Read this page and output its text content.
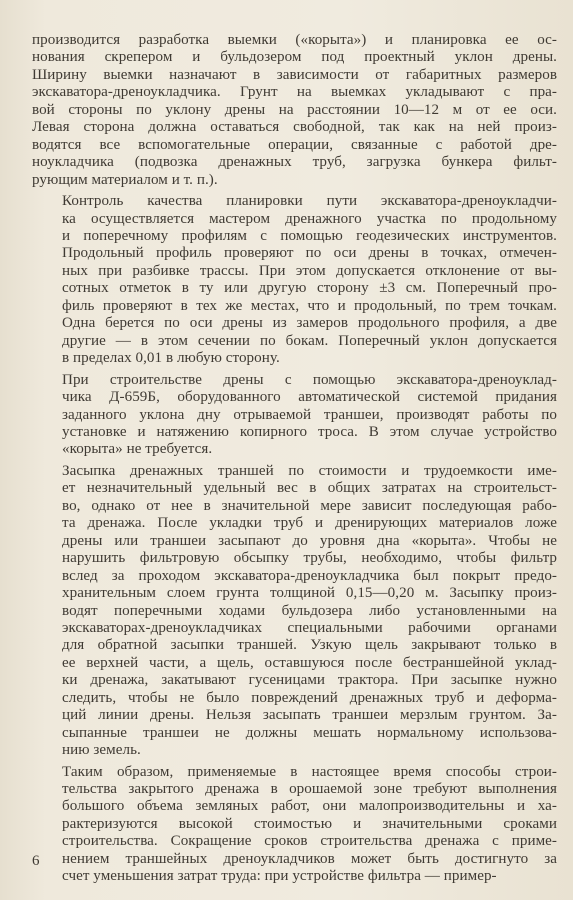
производится разработка выемки («корыта») и планировка ее ос-
нования скрепером и бульдозером под проектный уклон дрены.
Ширину выемки назначают в зависимости от габаритных размеров
экскаватора-дреноукладчика. Грунт на выемках укладывают с пра-
вой стороны по уклону дрены на расстоянии 10—12 м от ее оси.
Левая сторона должна оставаться свободной, так как на ней произ-
водятся все вспомогательные операции, связанные с работой дре-
ноукладчика (подвозка дренажных труб, загрузка бункера фильт-
рующим материалом и т. п.).

Контроль качества планировки пути экскаватора-дреноукладчи-
ка осуществляется мастером дренажного участка по продольному
и поперечному профилям с помощью геодезических инструментов.
Продольный профиль проверяют по оси дрены в точках, отмечен-
ных при разбивке трассы. При этом допускается отклонение от вы-
сотных отметок в ту или другую сторону ±3 см. Поперечный про-
филь проверяют в тех же местах, что и продольный, по трем точкам.
Одна берется по оси дрены из замеров продольного профиля, а две
другие — в этом сечении по бокам. Поперечный уклон допускается
в пределах 0,01 в любую сторону.

При строительстве дрены с помощью экскаватора-дреноуклад-
чика Д-659Б, оборудованного автоматической системой придания
заданного уклона дну отрываемой траншеи, производят работы по
установке и натяжению копирного троса. В этом случае устройство
«корыта» не требуется.

Засыпка дренажных траншей по стоимости и трудоемкости име-
ет незначительный удельный вес в общих затратах на строительст-
во, однако от нее в значительной мере зависит последующая рабо-
та дренажа. После укладки труб и дренирующих материалов ложе
дрены или траншеи засыпают до уровня дна «корыта». Чтобы не
нарушить фильтровую обсыпку трубы, необходимо, чтобы фильтр
вслед за проходом экскаватора-дреноукладчика был покрыт предо-
хранительным слоем грунта толщиной 0,15—0,20 м. Засыпку произ-
водят поперечными ходами бульдозера либо установленными на
экскаваторах-дреноукладчиках специальными рабочими органами
для обратной засыпки траншей. Узкую щель закрывают только в
ее верхней части, а щель, оставшуюся после бестраншейной уклад-
ки дренажа, закатывают гусеницами трактора. При засыпке нужно
следить, чтобы не было повреждений дренажных труб и деформа-
ций линии дрены. Нельзя засыпать траншеи мерзлым грунтом. За-
сыпанные траншеи не должны мешать нормальному использова-
нию земель.

Таким образом, применяемые в настоящее время способы строи-
тельства закрытого дренажа в орошаемой зоне требуют выполнения
большого объема земляных работ, они малопроизводительны и ха-
рактеризуются высокой стоимостью и значительными сроками
строительства. Сокращение сроков строительства дренажа с приме-
нением траншейных дреноукладчиков может быть достигнуто за
счет уменьшения затрат труда: при устройстве фильтра — пример-

6
